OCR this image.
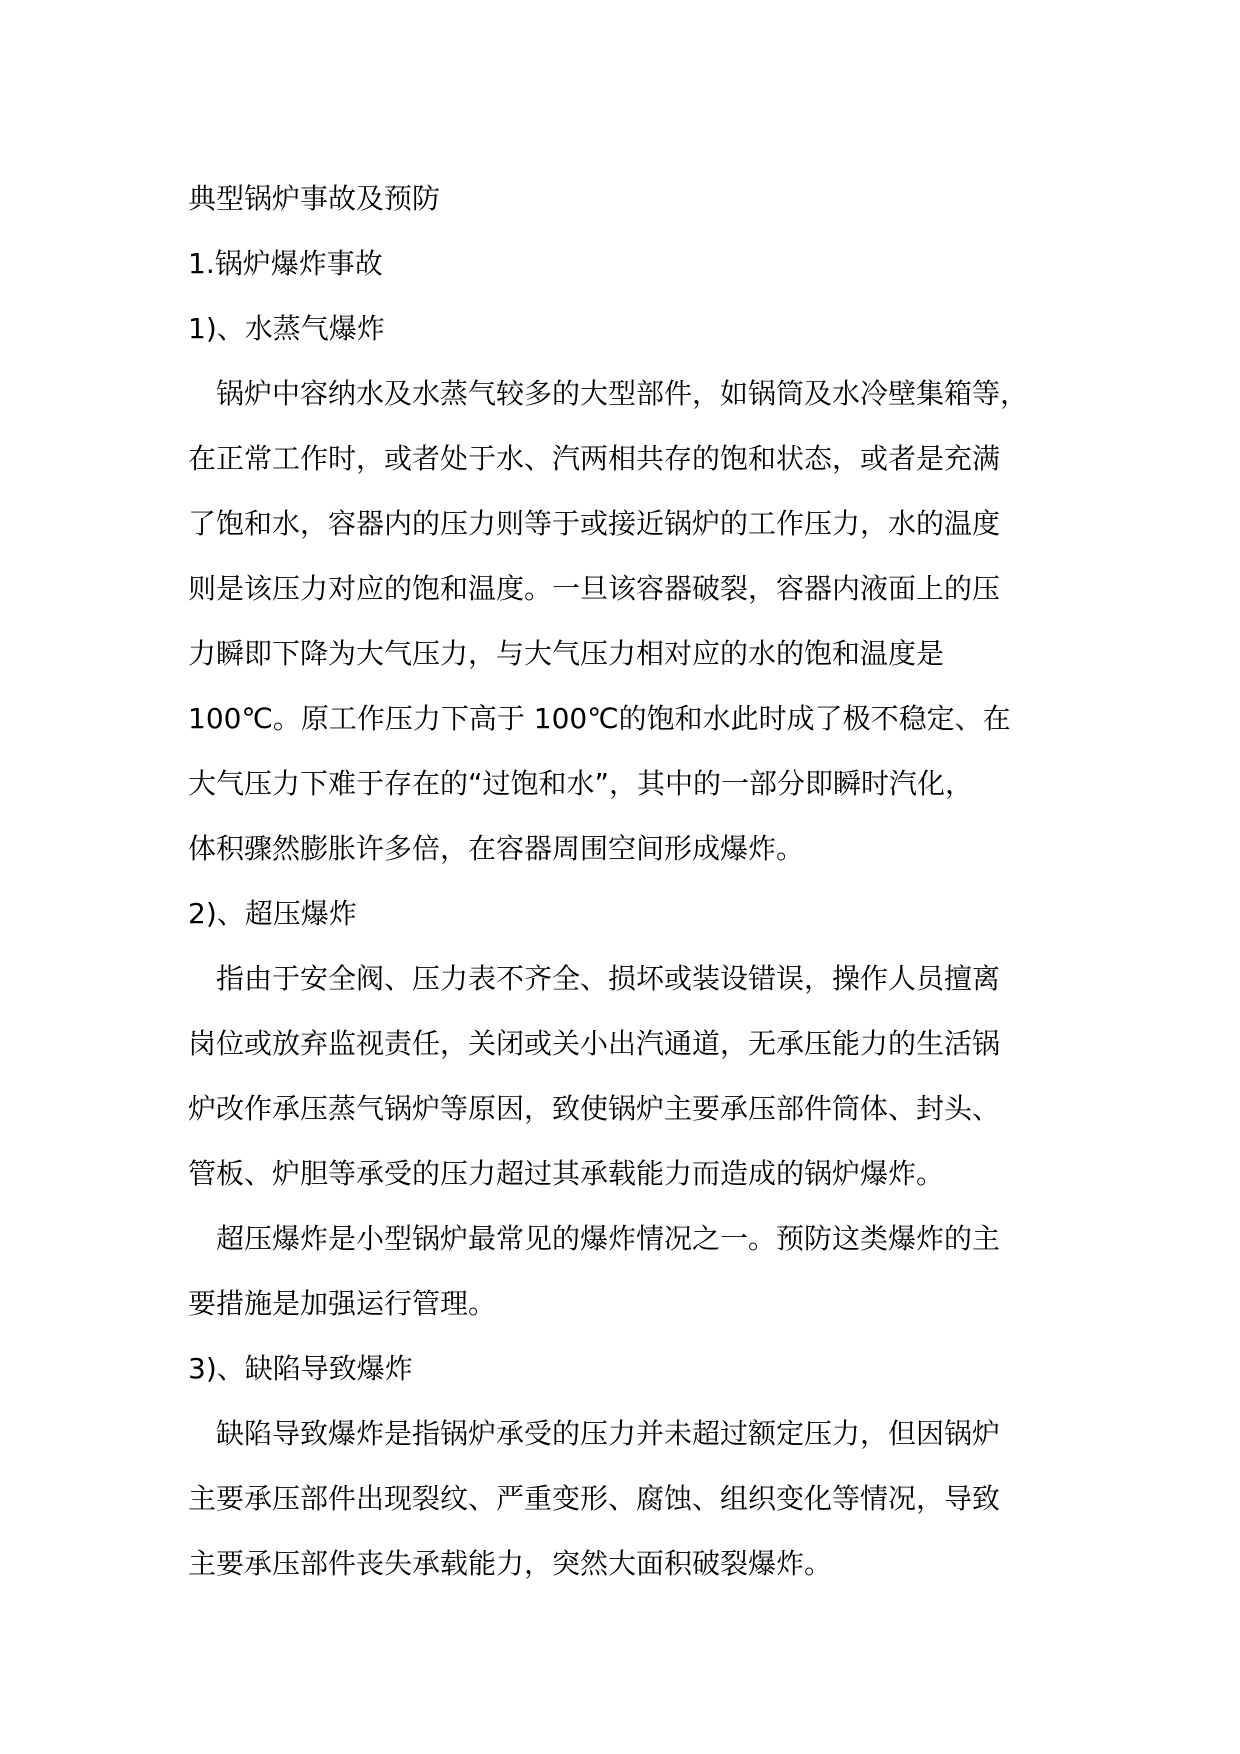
典型锅炉事故及预防
1.锅炉爆炸事故
1)、水蒸气爆炸
锅炉中容纳水及水蒸气较多的大型部件，如锅筒及水冷壁集箱等，
在正常工作时，或者处于水、汽两相共存的饱和状态，或者是充满
了饱和水，容器内的压力则等于或接近锅炉的工作压力，水的温度
则是该压力对应的饱和温度。一旦该容器破裂，容器内液面上的压
力瞬即下降为大气压力，与大气压力相对应的水的饱和温度是
100℃。原工作压力下高于 100℃的饱和水此时成了极不稳定、在
大气压力下难于存在的“过饱和水”，其中的一部分即瞬时汽化，
体积骤然膨胀许多倍，在容器周围空间形成爆炸。
2)、超压爆炸
指由于安全阀、压力表不齐全、损坏或装设错误，操作人员擅离
岗位或放弃监视责任，关闭或关小出汽通道，无承压能力的生活锅
炉改作承压蒸气锅炉等原因，致使锅炉主要承压部件筒体、封头、
管板、炉胆等承受的压力超过其承载能力而造成的锅炉爆炸。
超压爆炸是小型锅炉最常见的爆炸情况之一。预防这类爆炸的主
要措施是加强运行管理。
3)、缺陷导致爆炸
缺陷导致爆炸是指锅炉承受的压力并未超过额定压力，但因锅炉
主要承压部件出现裂纹、严重变形、腐蚀、组织变化等情况，导致
主要承压部件丧失承载能力，突然大面积破裂爆炸。
